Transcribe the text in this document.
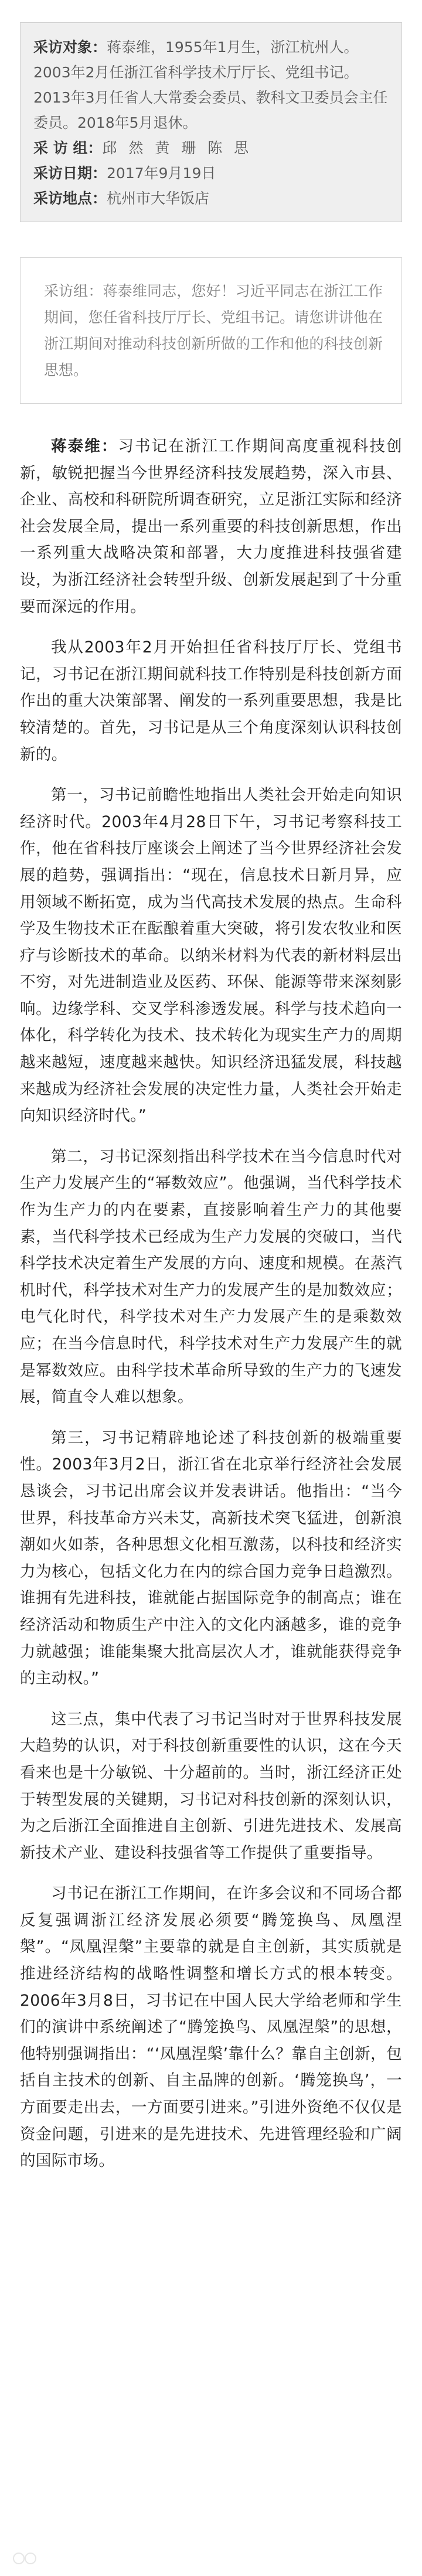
采访对象：蒋泰维，1955年1月生，浙江杭州人。2003年2月任浙江省科学技术厅厅长、党组书记。2013年3月任省人大常委会委员、教科文卫委员会主任委员。2018年5月退休。

采 访 组：邱 然 黄 珊 陈 思

采访日期：2017年9月19日

采访地点：杭州市大华饭店

采访组：蒋泰维同志，您好！习近平同志在浙江工作期间，您任省科技厅厅长、党组书记。请您讲讲他在浙江期间对推动科技创新所做的工作和他的科技创新思想。

蒋泰维：习书记在浙江工作期间高度重视科技创新，敏锐把握当今世界经济科技发展趋势，深入市县、企业、高校和科研院所调查研究，立足浙江实际和经济社会发展全局，提出一系列重要的科技创新思想，作出一系列重大战略决策和部署，大力度推进科技强省建设，为浙江经济社会转型升级、创新发展起到了十分重要而深远的作用。

我从2003年2月开始担任省科技厅厅长、党组书记，习书记在浙江期间就科技工作特别是科技创新方面作出的重大决策部署、阐发的一系列重要思想，我是比较清楚的。首先，习书记是从三个角度深刻认识科技创新的。

第一，习书记前瞻性地指出人类社会开始走向知识经济时代。2003年4月28日下午，习书记考察科技工作，他在省科技厅座谈会上阐述了当今世界经济社会发展的趋势，强调指出：“现在，信息技术日新月异，应用领域不断拓宽，成为当代高技术发展的热点。生命科学及生物技术正在酝酿着重大突破，将引发农牧业和医疗与诊断技术的革命。以纳米材料为代表的新材料层出不穷，对先进制造业及医药、环保、能源等带来深刻影响。边缘学科、交叉学科渗透发展。科学与技术趋向一体化，科学转化为技术、技术转化为现实生产力的周期越来越短，速度越来越快。知识经济迅猛发展，科技越来越成为经济社会发展的决定性力量，人类社会开始走向知识经济时代。”

第二，习书记深刻指出科学技术在当今信息时代对生产力发展产生的“幂数效应”。他强调，当代科学技术作为生产力的内在要素，直接影响着生产力的其他要素，当代科学技术已经成为生产力发展的突破口，当代科学技术决定着生产发展的方向、速度和规模。在蒸汽机时代，科学技术对生产力的发展产生的是加数效应；电气化时代，科学技术对生产力发展产生的是乘数效应；在当今信息时代，科学技术对生产力发展产生的就是幂数效应。由科学技术革命所导致的生产力的飞速发展，简直令人难以想象。

第三，习书记精辟地论述了科技创新的极端重要性。2003年3月2日，浙江省在北京举行经济社会发展恳谈会，习书记出席会议并发表讲话。他指出：“当今世界，科技革命方兴未艾，高新技术突飞猛进，创新浪潮如火如荼，各种思想文化相互激荡，以科技和经济实力为核心，包括文化力在内的综合国力竞争日趋激烈。谁拥有先进科技，谁就能占据国际竞争的制高点；谁在经济活动和物质生产中注入的文化内涵越多，谁的竞争力就越强；谁能集聚大批高层次人才，谁就能获得竞争的主动权。”

这三点，集中代表了习书记当时对于世界科技发展大趋势的认识，对于科技创新重要性的认识，这在今天看来也是十分敏锐、十分超前的。当时，浙江经济正处于转型发展的关键期，习书记对科技创新的深刻认识，为之后浙江全面推进自主创新、引进先进技术、发展高新技术产业、建设科技强省等工作提供了重要指导。

习书记在浙江工作期间，在许多会议和不同场合都反复强调浙江经济发展必须要“腾笼换鸟、凤凰涅槃”。“凤凰涅槃”主要靠的就是自主创新，其实质就是推进经济结构的战略性调整和增长方式的根本转变。2006年3月8日，习书记在中国人民大学给老师和学生们的演讲中系统阐述了“腾笼换鸟、凤凰涅槃”的思想，他特别强调指出：“‘凤凰涅槃’靠什么？靠自主创新，包括自主技术的创新、自主品牌的创新。‘腾笼换鸟’，一方面要走出去，一方面要引进来。”引进外资绝不仅仅是资金问题，引进来的是先进技术、先进管理经验和广阔的国际市场。
